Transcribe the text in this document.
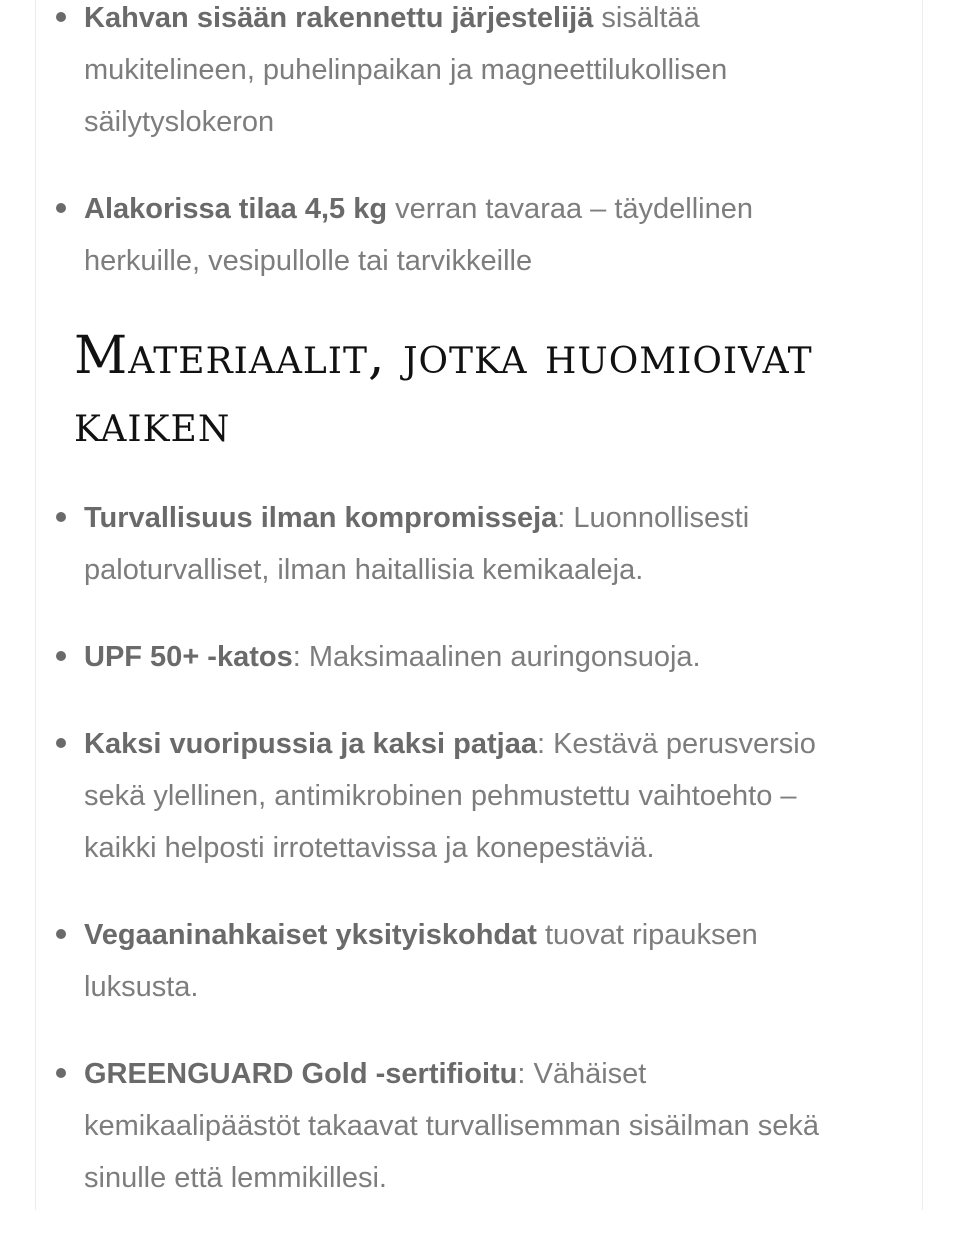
Kahvan sisään rakennettu järjestelijä sisältää mukitelineen, puhelinpaikan ja magneettilukollisen säilytyslokeron
Alakorissa tilaa 4,5 kg verran tavaraa – täydellinen herkuille, vesipullolle tai tarvikkeille
Materiaalit, jotka huomioivat kaiken
Turvallisuus ilman kompromisseja: Luonnollisesti paloturvalliset, ilman haitallisia kemikaaleja.
UPF 50+ -katos: Maksimaalinen auringonsuoja.
Kaksi vuoripussia ja kaksi patjaa: Kestävä perusversio sekä ylellinen, antimikrobinen pehmustettu vaihtoehto – kaikki helposti irrotettavissa ja konepestäviä.
Vegaaninahkaiset yksityiskohdat tuovat ripauksen luksusta.
GREENGUARD Gold -sertifioitu: Vähäiset kemikaalipäästöt takaavat turvallisemman sisäilman sekä sinulle että lemmikillesi.
